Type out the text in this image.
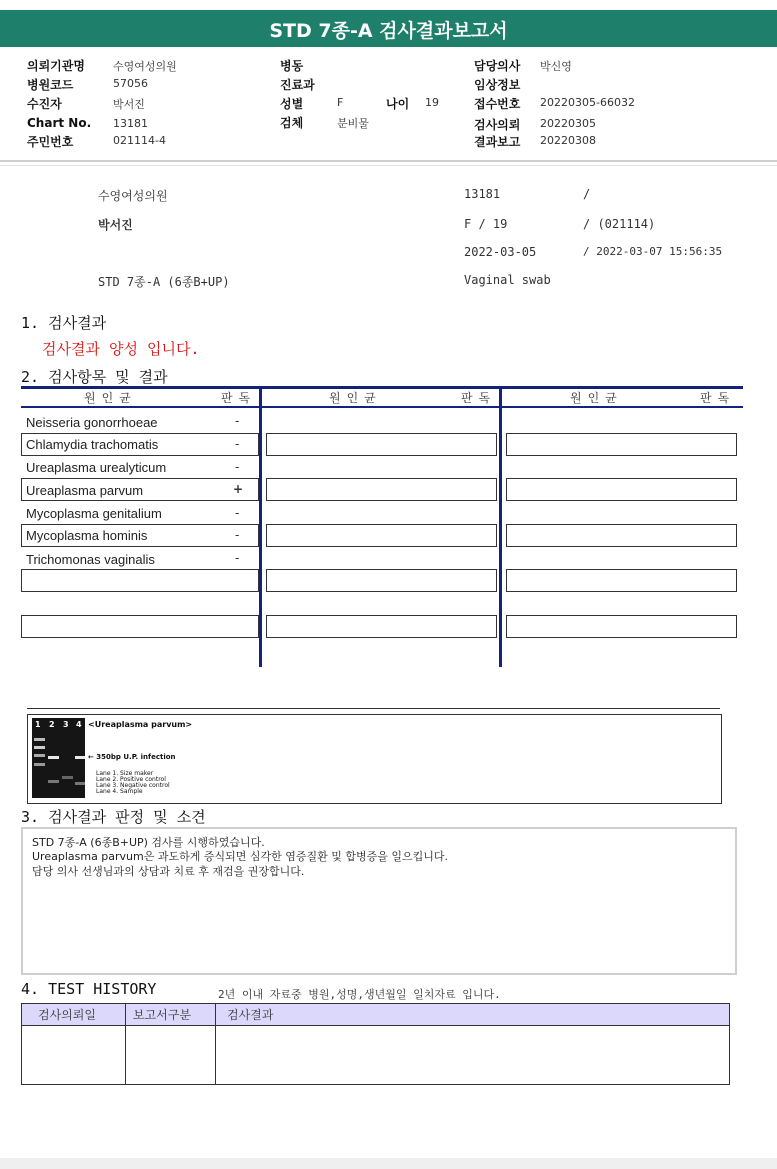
STD 7종-A 검사결과보고서
의뢰기관명	수영여성의원
병원코드	57056
수진자	박서진
Chart No. 13181
주민번호	021114-4
병동
진료과
성별	F	나이 19
검체	분비물
담당의사 박신영
임상정보
접수번호 20220305-66032
검사의뢰 20220305
결과보고 20220308
수영여성의원	13181	/
박서진	F / 19	/ (021114)
2022-03-05	/ 2022-03-07 15:56:35
STD 7종-A (6종B+UP)	Vaginal swab
1. 검사결과
검사결과 양성 입니다.
2. 검사항목 및 결과
원인균	판독	원인균	판독	원인균	판독
Neisseria gonorrhoeae	-
Chlamydia trachomatis	-
Ureaplasma urealyticum	-
Ureaplasma parvum	+
Mycoplasma genitalium	-
Mycoplasma hominis	-
Trichomonas vaginalis	-
1 2 3 4 <Ureaplasma parvum>
← 350bp U.P. infection
Lane 1. Size maker
Lane 2. Positive control
Lane 3. Negative control
Lane 4. Sample
3. 검사결과 판정 및 소견
STD 7종-A (6종B+UP) 검사를 시행하였습니다.
Ureaplasma parvum은 과도하게 증식되면 심각한 염증질환 및 합병증을 일으킵니다.
담당 의사 선생님과의 상담과 치료 후 재검을 권장합니다.
4. TEST HISTORY	2년 이내 자료중 병원,성명,생년월일 일치자료 입니다.
검사의뢰일	보고서구분	검사결과
